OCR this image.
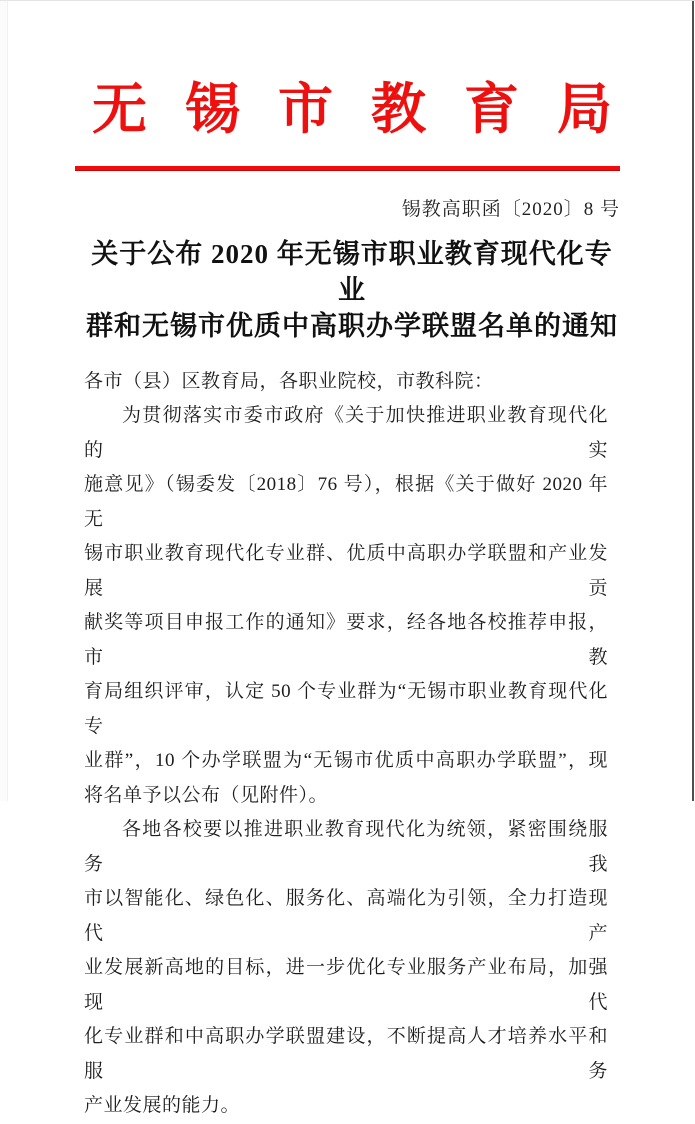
无锡市教育局
锡教高职函〔2020〕8 号
关于公布 2020 年无锡市职业教育现代化专业
群和无锡市优质中高职办学联盟名单的通知
各市（县）区教育局，各职业院校，市教科院：
为贯彻落实市委市政府《关于加快推进职业教育现代化的实
施意见》（锡委发〔2018〕76 号），根据《关于做好 2020 年无
锡市职业教育现代化专业群、优质中高职办学联盟和产业发展贡
献奖等项目申报工作的通知》要求，经各地各校推荐申报，市教
育局组织评审，认定 50 个专业群为“无锡市职业教育现代化专
业群”，10 个办学联盟为“无锡市优质中高职办学联盟”，现
将名单予以公布（见附件）。
各地各校要以推进职业教育现代化为统领，紧密围绕服务我
市以智能化、绿色化、服务化、高端化为引领，全力打造现代产
业发展新高地的目标，进一步优化专业服务产业布局，加强现代
化专业群和中高职办学联盟建设，不断提高人才培养水平和服务
产业发展的能力。
